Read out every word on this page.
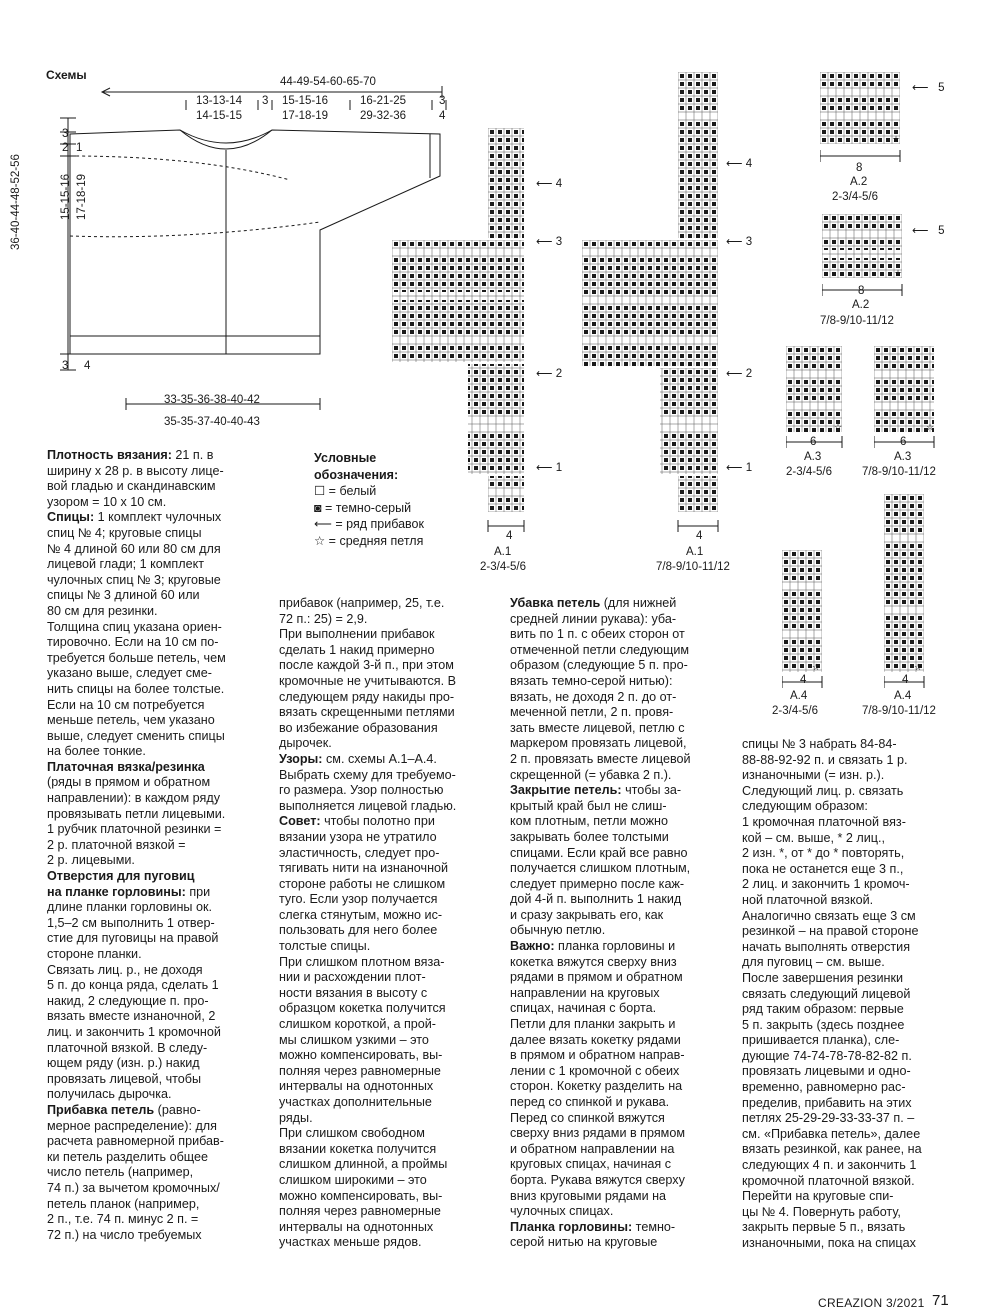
Схемы	44-49-54-60-65-70
13-13-14
14-15-15
3 15-15-16
17-18-19
16-21-25
29-32-36
3
4
36-40-44-48-52-56	15-15-16 17-18-19
3
2 1
3 4
33-35-36-38-40-42
35-35-37-40-40-43
Условные
обозначения:
☐ = белый
◙ = темно-серый
⟵ = ряд прибавок
☆ = средняя петля
⟵ 4
⟵ 3
⟵ 2
⟵ 1
4
A.1
2-3/4-5/6
⟵ 4
⟵ 3
⟵ 2
⟵ 1
4
A.1
7/8-9/10-11/12
☆
⟵   5
8
A.2
2-3/4-5/6
☆
⟵   5
8
A.2
7/8-9/10-11/12
☆
6
A.3
2-3/4-5/6
☆
6
A.3
7/8-9/10-11/12
☆
4
A.4
2-3/4-5/6
☆
4
A.4
7/8-9/10-11/12
Плотность вязания: 21 п. в
ширину х 28 р. в высоту лице-
вой гладью и скандинавским
узором = 10 х 10 см.
Спицы: 1 комплект чулочных
спиц № 4; круговые спицы
№ 4 длиной 60 или 80 см для
лицевой глади; 1 комплект
чулочных спиц № 3; круговые
спицы № 3 длиной 60 или
80 см для резинки.
Толщина спиц указана ориен-
тировочно. Если на 10 см по-
требуется больше петель, чем
указано выше, следует сме-
нить спицы на более толстые.
Если на 10 см потребуется
меньше петель, чем указано
выше, следует сменить спицы
на более тонкие.
Платочная вязка/резинка
(ряды в прямом и обратном
направлении): в каждом ряду
провязывать петли лицевыми.
1 рубчик платочной резинки =
2 р. платочной вязкой =
2 р. лицевыми.
Отверстия для пуговиц
на планке горловины: при
длине планки горловины ок.
1,5–2 см выполнить 1 отвер-
стие для пуговицы на правой
стороне планки.
Связать лиц. р., не доходя
5 п. до конца ряда, сделать 1
накид, 2 следующие п. про-
вязать вместе изнаночной, 2
лиц. и закончить 1 кромочной
платочной вязкой. В следу-
ющем ряду (изн. р.) накид
провязать лицевой, чтобы
получилась дырочка.
Прибавка петель (равно-
мерное распределение): для
расчета равномерной прибав-
ки петель разделить общее
число петель (например,
74 п.) за вычетом кромочных/
петель планок (например,
2 п., т.е. 74 п. минус 2 п. =
72 п.) на число требуемых
прибавок (например, 25, т.е.
72 п.: 25) = 2,9.
При выполнении прибавок
сделать 1 накид примерно
после каждой 3-й п., при этом
кромочные не учитываются. В
следующем ряду накиды про-
вязать скрещенными петлями
во избежание образования
дырочек.
Узоры: см. схемы А.1–А.4.
Выбрать схему для требуемо-
го размера. Узор полностью
выполняется лицевой гладью.
Совет: чтобы полотно при
вязании узора не утратило
эластичность, следует про-
тягивать нити на изнаночной
стороне работы не слишком
туго. Если узор получается
слегка стянутым, можно ис-
пользовать для него более
толстые спицы.
При слишком плотном вяза-
нии и расхождении плот-
ности вязания в высоту с
образцом кокетка получится
слишком короткой, а прой-
мы слишком узкими – это
можно компенсировать, вы-
полняя через равномерные
интервалы на однотонных
участках дополнительные
ряды.
При слишком свободном
вязании кокетка получится
слишком длинной, а проймы
слишком широкими – это
можно компенсировать, вы-
полняя через равномерные
интервалы на однотонных
участках меньше рядов.
Убавка петель (для нижней
средней линии рукава): уба-
вить по 1 п. с обеих сторон от
отмеченной петли следующим
образом (следующие 5 п. про-
вязать темно-серой нитью):
вязать, не доходя 2 п. до от-
меченной петли, 2 п. провя-
зать вместе лицевой, петлю с
маркером провязать лицевой,
2 п. провязать вместе лицевой
скрещенной (= убавка 2 п.).
Закрытие петель: чтобы за-
крытый край был не слиш-
ком плотным, петли можно
закрывать более толстыми
спицами. Если край все равно
получается слишком плотным,
следует примерно после каж-
дой 4-й п. выполнить 1 накид
и сразу закрывать его, как
обычную петлю.
Важно: планка горловины и
кокетка вяжутся сверху вниз
рядами в прямом и обратном
направлении на круговых
спицах, начиная с борта.
Петли для планки закрыть и
далее вязать кокетку рядами
в прямом и обратном направ-
лении с 1 кромочной с обеих
сторон. Кокетку разделить на
перед со спинкой и рукава.
Перед со спинкой вяжутся
сверху вниз рядами в прямом
и обратном направлении на
круговых спицах, начиная с
борта. Рукава вяжутся сверху
вниз круговыми рядами на
чулочных спицах.
Планка горловины: темно-
серой нитью на круговые
спицы № 3 набрать 84-84-
88-88-92-92 п. и связать 1 р.
изнаночными (= изн. р.).
Следующий лиц. р. связать
следующим образом:
1 кромочная платочной вяз-
кой – см. выше, * 2 лиц.,
2 изн. *, от * до * повторять,
пока не останется еще 3 п.,
2 лиц. и закончить 1 кромоч-
ной платочной вязкой.
Аналогично связать еще 3 см
резинкой – на правой стороне
начать выполнять отверстия
для пуговиц – см. выше.
После завершения резинки
связать следующий лицевой
ряд таким образом: первые
5 п. закрыть (здесь позднее
пришивается планка), сле-
дующие 74-74-78-78-82-82 п.
провязать лицевыми и одно-
временно, равномерно рас-
пределив, прибавить на этих
петлях 25-29-29-33-33-37 п. –
см. «Прибавка петель», далее
вязать резинкой, как ранее, на
следующих 4 п. и закончить 1
кромочной платочной вязкой.
Перейти на круговые спи-
цы № 4. Повернуть работу,
закрыть первые 5 п., вязать
изнаночными, пока на спицах
CREAZION 3/2021 71
